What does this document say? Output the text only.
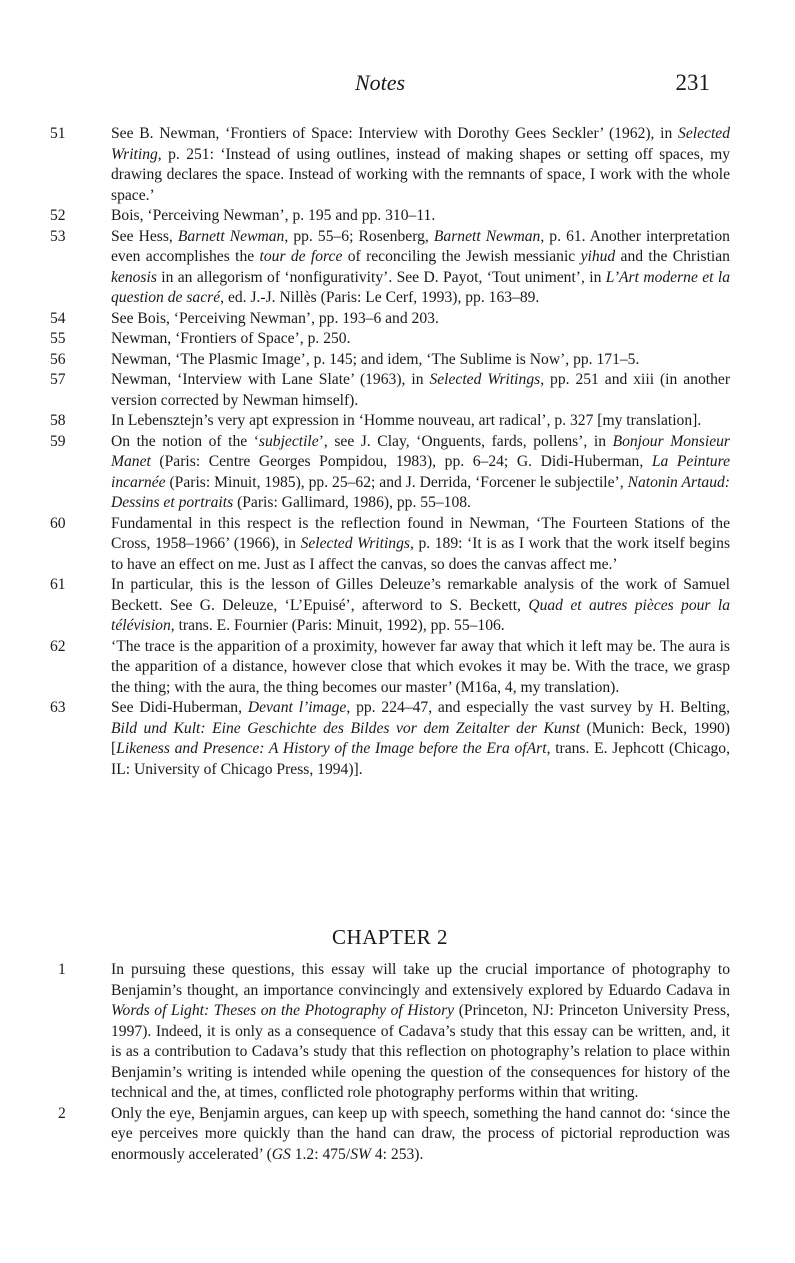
Notes	231
51	See B. Newman, ‘Frontiers of Space: Interview with Dorothy Gees Seckler’ (1962), in Selected Writing, p. 251: ‘Instead of using outlines, instead of making shapes or setting off spaces, my drawing declares the space. Instead of working with the remnants of space, I work with the whole space.’
52	Bois, ‘Perceiving Newman’, p. 195 and pp. 310–11.
53	See Hess, Barnett Newman, pp. 55–6; Rosenberg, Barnett Newman, p. 61. Another interpretation even accomplishes the tour de force of reconciling the Jewish messianic yihud and the Christian kenosis in an allegorism of ‘nonfigurativity’. See D. Payot, ‘Tout uniment’, in L’Art moderne et la question de sacré, ed. J.-J. Nillès (Paris: Le Cerf, 1993), pp. 163–89.
54	See Bois, ‘Perceiving Newman’, pp. 193–6 and 203.
55	Newman, ‘Frontiers of Space’, p. 250.
56	Newman, ‘The Plasmic Image’, p. 145; and idem, ‘The Sublime is Now’, pp. 171–5.
57	Newman, ‘Interview with Lane Slate’ (1963), in Selected Writings, pp. 251 and xiii (in another version corrected by Newman himself).
58	In Lebensztejn’s very apt expression in ‘Homme nouveau, art radical’, p. 327 [my translation].
59	On the notion of the ‘subjectile’, see J. Clay, ‘Onguents, fards, pollens’, in Bonjour Monsieur Manet (Paris: Centre Georges Pompidou, 1983), pp. 6–24; G. Didi-Huberman, La Peinture incarnée (Paris: Minuit, 1985), pp. 25–62; and J. Derrida, ‘Forcener le subjectile’, Natonin Artaud: Dessins et portraits (Paris: Gallimard, 1986), pp. 55–108.
60	Fundamental in this respect is the reflection found in Newman, ‘The Fourteen Stations of the Cross, 1958–1966’ (1966), in Selected Writings, p. 189: ‘It is as I work that the work itself begins to have an effect on me. Just as I affect the canvas, so does the canvas affect me.’
61	In particular, this is the lesson of Gilles Deleuze’s remarkable analysis of the work of Samuel Beckett. See G. Deleuze, ‘L’Epuisé’, afterword to S. Beckett, Quad et autres pièces pour la télévision, trans. E. Fournier (Paris: Minuit, 1992), pp. 55–106.
62	‘The trace is the apparition of a proximity, however far away that which it left may be. The aura is the apparition of a distance, however close that which evokes it may be. With the trace, we grasp the thing; with the aura, the thing becomes our master’ (M16a, 4, my translation).
63	See Didi-Huberman, Devant l’image, pp. 224–47, and especially the vast survey by H. Belting, Bild und Kult: Eine Geschichte des Bildes vor dem Zeitalter der Kunst (Munich: Beck, 1990) [Likeness and Presence: A History of the Image before the Era ofArt, trans. E. Jephcott (Chicago, IL: University of Chicago Press, 1994)].
CHAPTER 2
1	In pursuing these questions, this essay will take up the crucial importance of photography to Benjamin’s thought, an importance convincingly and extensively explored by Eduardo Cadava in Words of Light: Theses on the Photography of History (Princeton, NJ: Princeton University Press, 1997). Indeed, it is only as a consequence of Cadava’s study that this essay can be written, and, it is as a contribution to Cadava’s study that this reflection on photography’s relation to place within Benjamin’s writing is intended while opening the question of the consequences for history of the technical and the, at times, conflicted role photography performs within that writing.
2	Only the eye, Benjamin argues, can keep up with speech, something the hand cannot do: ‘since the eye perceives more quickly than the hand can draw, the process of pictorial reproduction was enormously accelerated’ (GS 1.2: 475/SW 4: 253).
